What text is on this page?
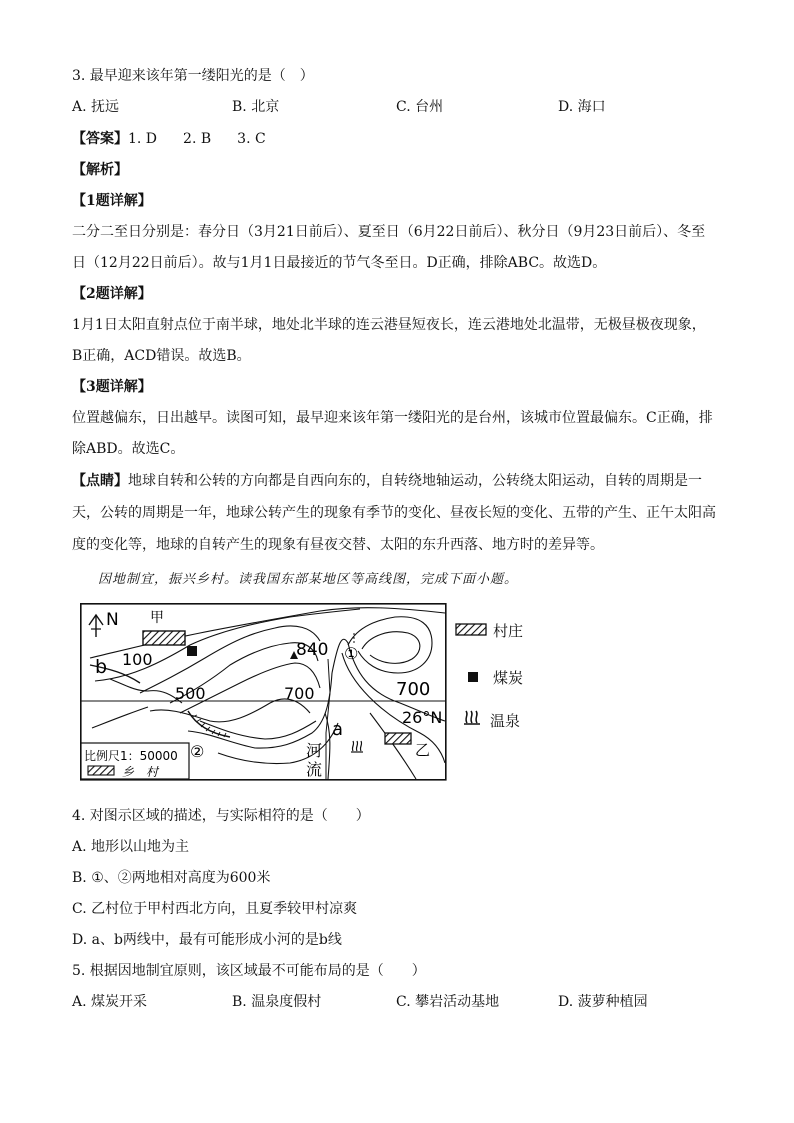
3. 最早迎来该年第一缕阳光的是（　）
A. 抚远	B. 北京	C. 台州	D. 海口
【答案】1. D 2. B 3. C
【解析】
【1题详解】
二分二至日分别是：春分日（3月21日前后）、夏至日（6月22日前后）、秋分日（9月23日前后）、冬至
日（12月22日前后）。故与1月1日最接近的节气冬至日。D正确，排除ABC。故选D。
【2题详解】
1月1日太阳直射点位于南半球，地处北半球的连云港昼短夜长，连云港地处北温带，无极昼极夜现象，
B正确，ACD错误。故选B。
【3题详解】
位置越偏东，日出越早。读图可知，最早迎来该年第一缕阳光的是台州，该城市位置最偏东。C正确，排
除ABD。故选C。
【点睛】地球自转和公转的方向都是自西向东的，自转绕地轴运动，公转绕太阳运动，自转的周期是一
天，公转的周期是一年，地球公转产生的现象有季节的变化、昼夜长短的变化、五带的产生、正午太阳高
度的变化等，地球的自转产生的现象有昼夜交替、太阳的东升西落、地方时的差异等。
因地制宜，振兴乡村。读我国东部某地区等高线图，完成下面小题。
N 甲
b 100
500	700	700
840 ①
②
26°N
a
河
流
乙
比例尺1：50000
乡　村
村庄
煤炭
温泉
4. 对图示区域的描述，与实际相符的是（　　）
A. 地形以山地为主
B. ①、②两地相对高度为600米
C. 乙村位于甲村西北方向，且夏季较甲村凉爽
D. a、b两线中，最有可能形成小河的是b线
5. 根据因地制宜原则，该区域最不可能布局的是（　　）
A. 煤炭开采	B. 温泉度假村	C. 攀岩活动基地	D. 菠萝种植园
